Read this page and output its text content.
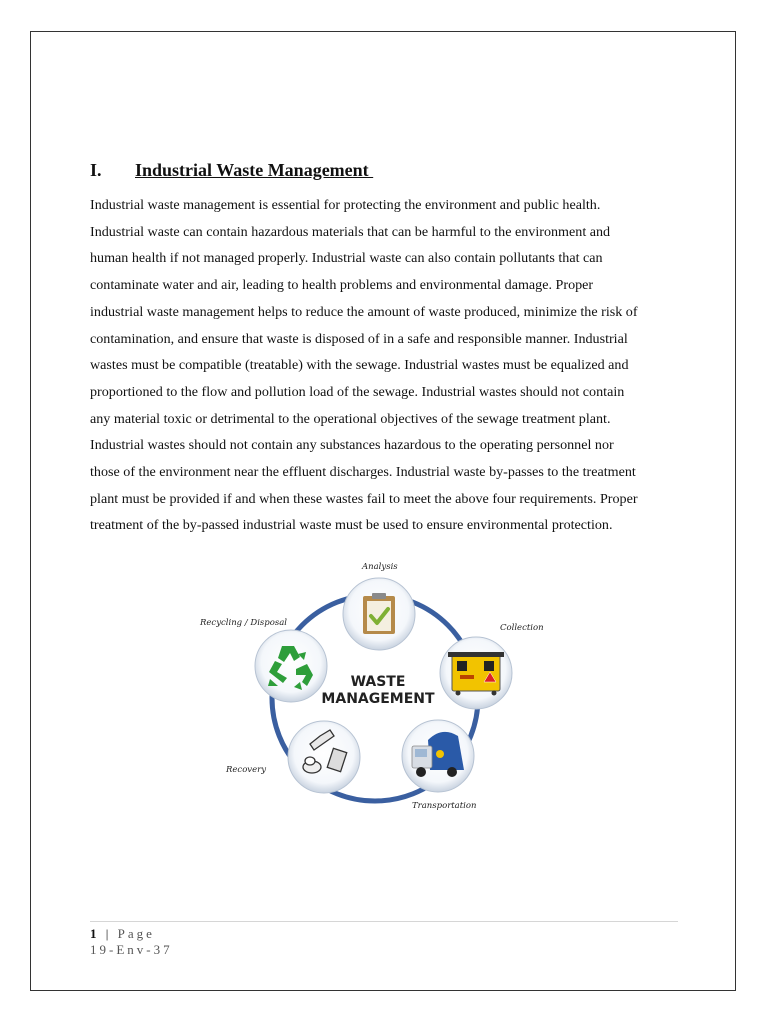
I.	Industrial Waste Management

Industrial waste management is essential for protecting the environment and public health.
Industrial waste can contain hazardous materials that can be harmful to the environment and
human health if not managed properly. Industrial waste can also contain pollutants that can
contaminate water and air, leading to health problems and environmental damage. Proper
industrial waste management helps to reduce the amount of waste produced, minimize the risk of
contamination, and ensure that waste is disposed of in a safe and responsible manner. Industrial
wastes must be compatible (treatable) with the sewage. Industrial wastes must be equalized and
proportioned to the flow and pollution load of the sewage. Industrial wastes should not contain
any material toxic or detrimental to the operational objectives of the sewage treatment plant.
Industrial wastes should not contain any substances hazardous to the operating personnel nor
those of the environment near the effluent discharges. Industrial waste by-passes to the treatment
plant must be provided if and when these wastes fail to meet the above four requirements. Proper
treatment of the by-passed industrial waste must be used to ensure environmental protection.

WASTE
MANAGEMENT
Analysis
Collection
Transportation
Recovery
Recycling / Disposal
1 | Page
19-Env-37
